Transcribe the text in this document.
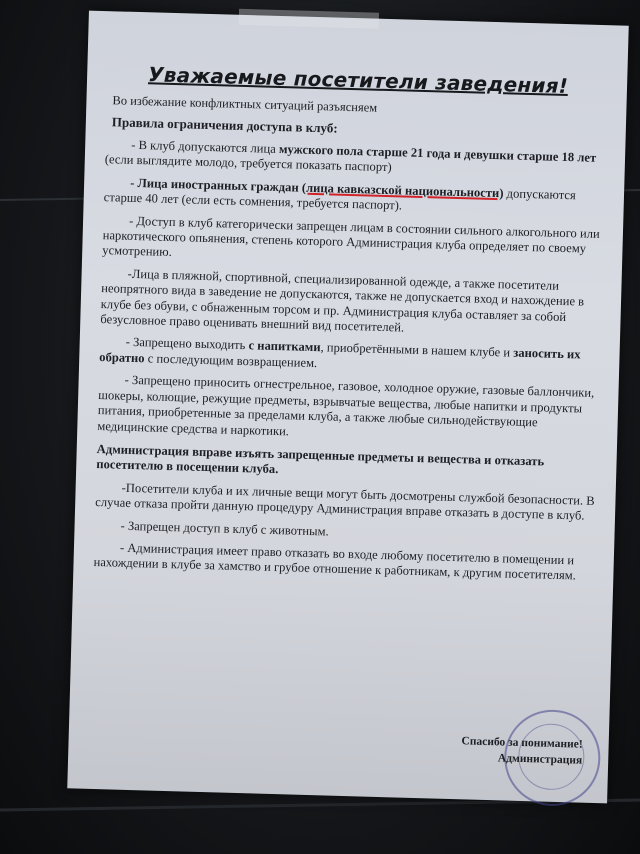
Уважаемые посетители заведения!
Во избежание конфликтных ситуаций разъясняем
Правила ограничения доступа в клуб:
- В клуб допускаются лица мужского пола старше 21 года и девушки старше 18 лет (если выглядите молодо, требуется показать паспорт)
- Лица иностранных граждан (лица кавказской национальности) допускаются старше 40 лет (если есть сомнения, требуется паспорт).
- Доступ в клуб категорически запрещен лицам в состоянии сильного алкогольного или наркотического опьянения, степень которого Администрация клуба определяет по своему усмотрению.
-Лица в пляжной, спортивной, специализированной одежде, а также посетители неопрятного вида в заведение не допускаются, также не допускается вход и нахождение в клубе без обуви, с обнаженным торсом и пр. Администрация клуба оставляет за собой безусловное право оценивать внешний вид посетителей.
- Запрещено выходить с напитками, приобретёнными в нашем клубе и заносить их обратно с последующим возвращением.
- Запрещено приносить огнестрельное, газовое, холодное оружие, газовые баллончики, шокеры, колющие, режущие предметы, взрывчатые вещества, любые напитки и продукты питания, приобретенные за пределами клуба, а также любые сильнодействующие медицинские средства и наркотики.
Администрация вправе изъять запрещенные предметы и вещества и отказать посетителю в посещении клуба.
-Посетители клуба и их личные вещи могут быть досмотрены службой безопасности. В случае отказа пройти данную процедуру Администрация вправе отказать в доступе в клуб.
- Запрещен доступ в клуб с животным.
- Администрация имеет право отказать во входе любому посетителю в помещении и нахождении в клубе за хамство и грубое отношение к работникам, к другим посетителям.
Спасибо за понимание!
Администрация
